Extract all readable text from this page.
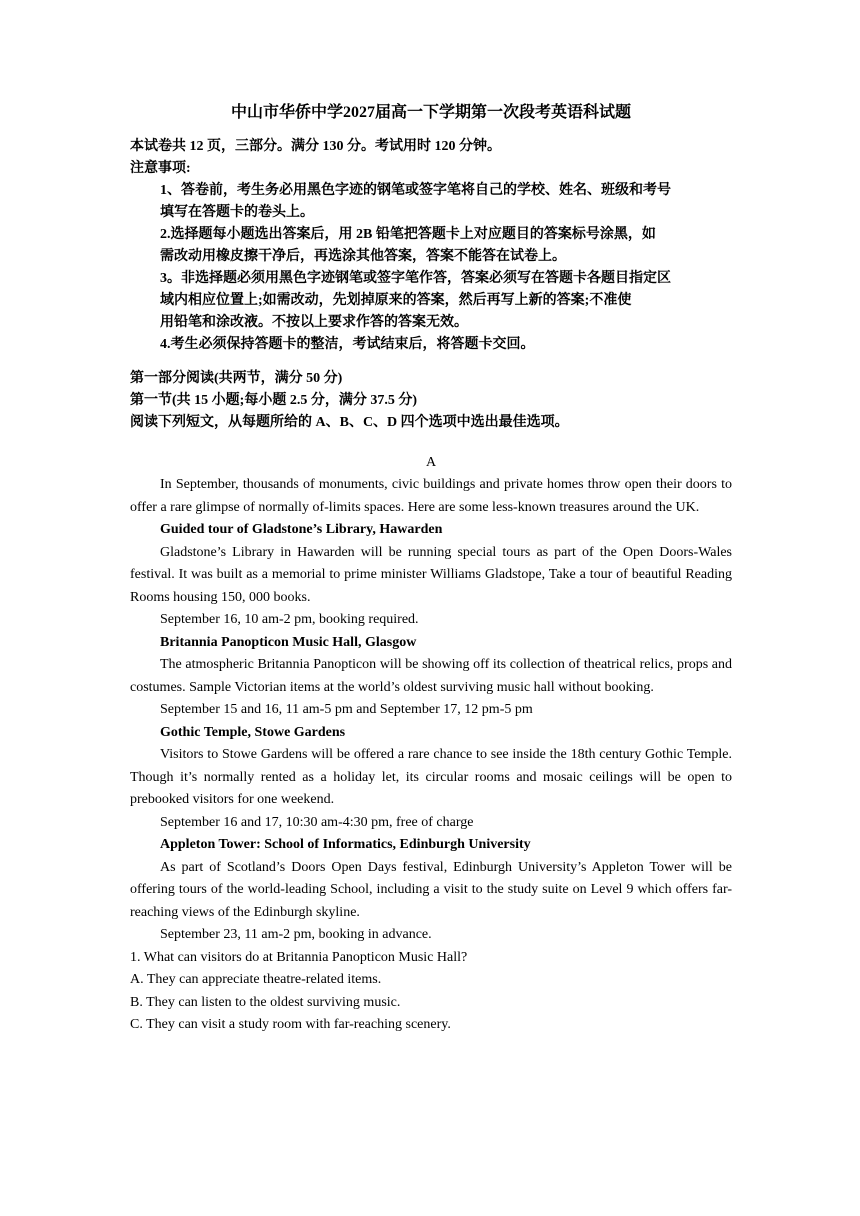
中山市华侨中学2027届高一下学期第一次段考英语科试题

本试卷共 12 页，三部分。满分 130 分。考试用时 120 分钟。

注意事项:

1、答卷前，考生务必用黑色字迹的钢笔或签字笔将自己的学校、姓名、班级和考号
填写在答题卡的卷头上。
2.选择题每小题选出答案后，用 2B 铅笔把答题卡上对应题目的答案标号涂黑，如
需改动用橡皮擦干净后，再选涂其他答案，答案不能答在试卷上。
3。非选择题必须用黑色字迹钢笔或签字笔作答，答案必须写在答题卡各题目指定区
域内相应位置上;如需改动，先划掉原来的答案，然后再写上新的答案;不准使
用铅笔和涂改液。不按以上要求作答的答案无效。
4.考生必须保持答题卡的整洁，考试结束后，将答题卡交回。

第一部分阅读(共两节，满分 50 分)

第一节(共 15 小题;每小题 2.5 分，满分 37.5 分)

阅读下列短文，从每题所给的 A、B、C、D 四个选项中选出最佳选项。

A

In September, thousands of monuments, civic buildings and private homes throw open their doors to offer a rare glimpse of normally of-limits spaces. Here are some less-known treasures around the UK.

Guided tour of Gladstone’s Library, Hawarden

Gladstone’s Library in Hawarden will be running special tours as part of the Open Doors-Wales festival. It was built as a memorial to prime minister Williams Gladstope, Take a tour of beautiful Reading Rooms housing 150, 000 books.

September 16, 10 am-2 pm, booking required.

Britannia Panopticon Music Hall, Glasgow

The atmospheric Britannia Panopticon will be showing off its collection of theatrical relics, props and costumes. Sample Victorian items at the world’s oldest surviving music hall without booking.

September 15 and 16, 11 am-5 pm and September 17, 12 pm-5 pm

Gothic Temple, Stowe Gardens

Visitors to Stowe Gardens will be offered a rare chance to see inside the 18th century Gothic Temple. Though it’s normally rented as a holiday let, its circular rooms and mosaic ceilings will be open to prebooked visitors for one weekend.

September 16 and 17, 10:30 am-4:30 pm, free of charge

Appleton Tower: School of Informatics, Edinburgh University

As part of Scotland’s Doors Open Days festival, Edinburgh University’s Appleton Tower will be offering tours of the world-leading School, including a visit to the study suite on Level 9 which offers far-reaching views of the Edinburgh skyline.

September 23, 11 am-2 pm, booking in advance.

1. What can visitors do at Britannia Panopticon Music Hall?

A. They can appreciate theatre-related items.

B. They can listen to the oldest surviving music.

C. They can visit a study room with far-reaching scenery.
